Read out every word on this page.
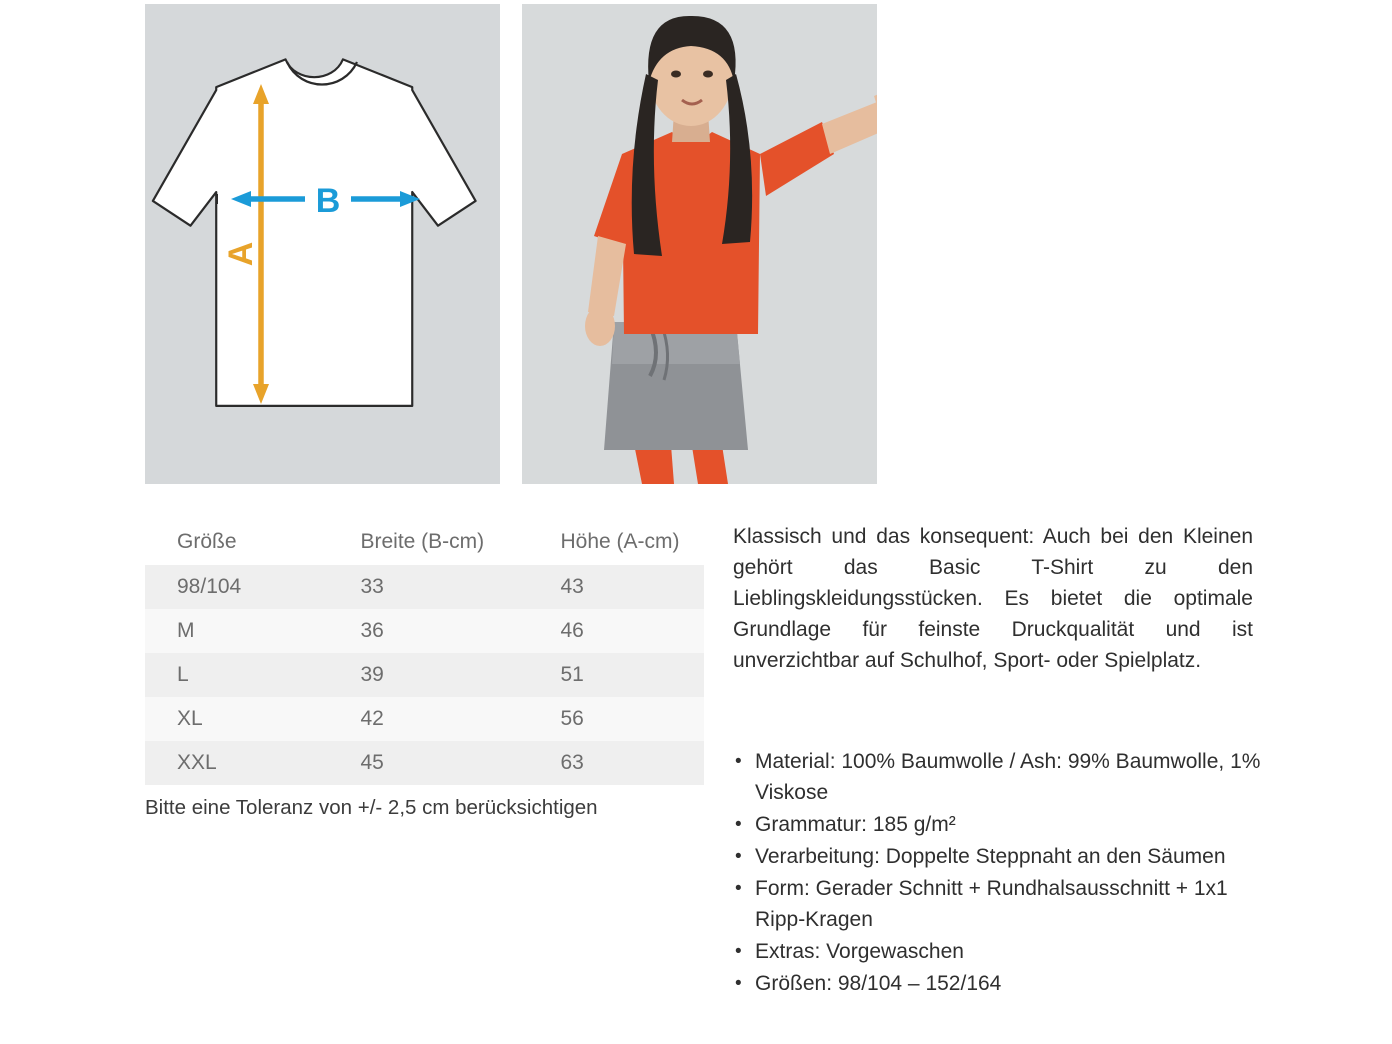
A
B
Größe	Breite (B-cm)	Höhe (A-cm)
98/104	33	43
M	36	46
L	39	51
XL	42	56
XXL	45	63
Bitte eine Toleranz von +/- 2,5 cm berücksichtigen
Klassisch und das konsequent: Auch bei den Kleinen gehört das Basic T-Shirt zu den Lieblingskleidungsstücken. Es bietet die optimale Grundlage für feinste Druckqualität und ist unverzichtbar auf Schulhof, Sport- oder Spielplatz.
• Material: 100% Baumwolle / Ash: 99% Baumwolle, 1% Viskose
• Grammatur: 185 g/m²
• Verarbeitung: Doppelte Steppnaht an den Säumen
• Form: Gerader Schnitt + Rundhalsausschnitt + 1x1 Ripp-Kragen
• Extras: Vorgewaschen
• Größen: 98/104 – 152/164
